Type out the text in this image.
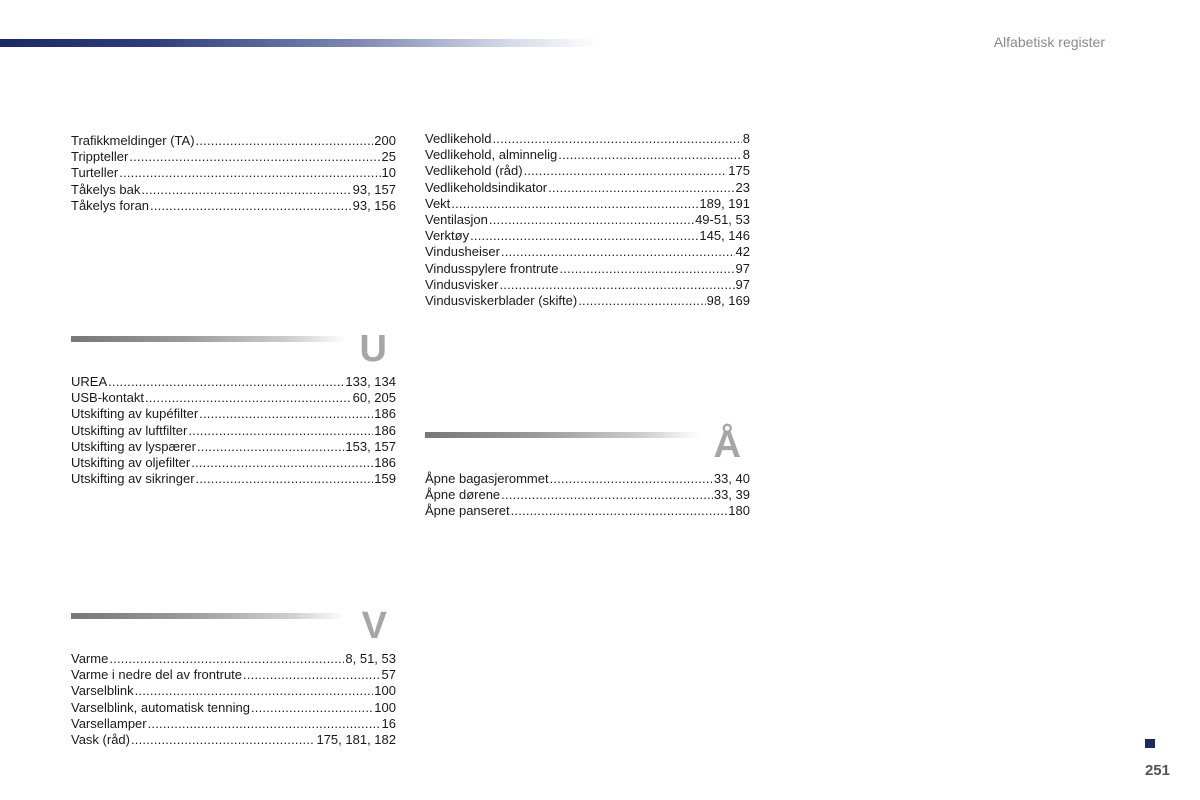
Alfabetisk register
Trafikkmeldinger (TA) .....	200
Trippteller .....	25
Turteller .....	10
Tåkelys bak .....	93, 157
Tåkelys foran .....	93, 156
U
UREA .....	133, 134
USB-kontakt .....	60, 205
Utskifting av kupéfilter .....	186
Utskifting av luftfilter .....	186
Utskifting av lyspærer .....	153, 157
Utskifting av oljefilter .....	186
Utskifting av sikringer .....	159
V
Varme .....	8, 51, 53
Varme i nedre del av frontrute .....	57
Varselblink .....	100
Varselblink, automatisk tenning .....	100
Varsellamper .....	16
Vask (råd) .....	175, 181, 182
Vedlikehold .....	8
Vedlikehold, alminnelig .....	8
Vedlikehold (råd) .....	175
Vedlikeholdsindikator .....	23
Vekt .....	189, 191
Ventilasjon .....	49-51, 53
Verktøy .....	145, 146
Vindusheiser .....	42
Vindusspylere frontrute .....	97
Vindusvisker .....	97
Vindusviskerblader (skifte) .....	98, 169
Å
Åpne bagasjerommet .....	33, 40
Åpne dørene .....	33, 39
Åpne panseret .....	180
251
